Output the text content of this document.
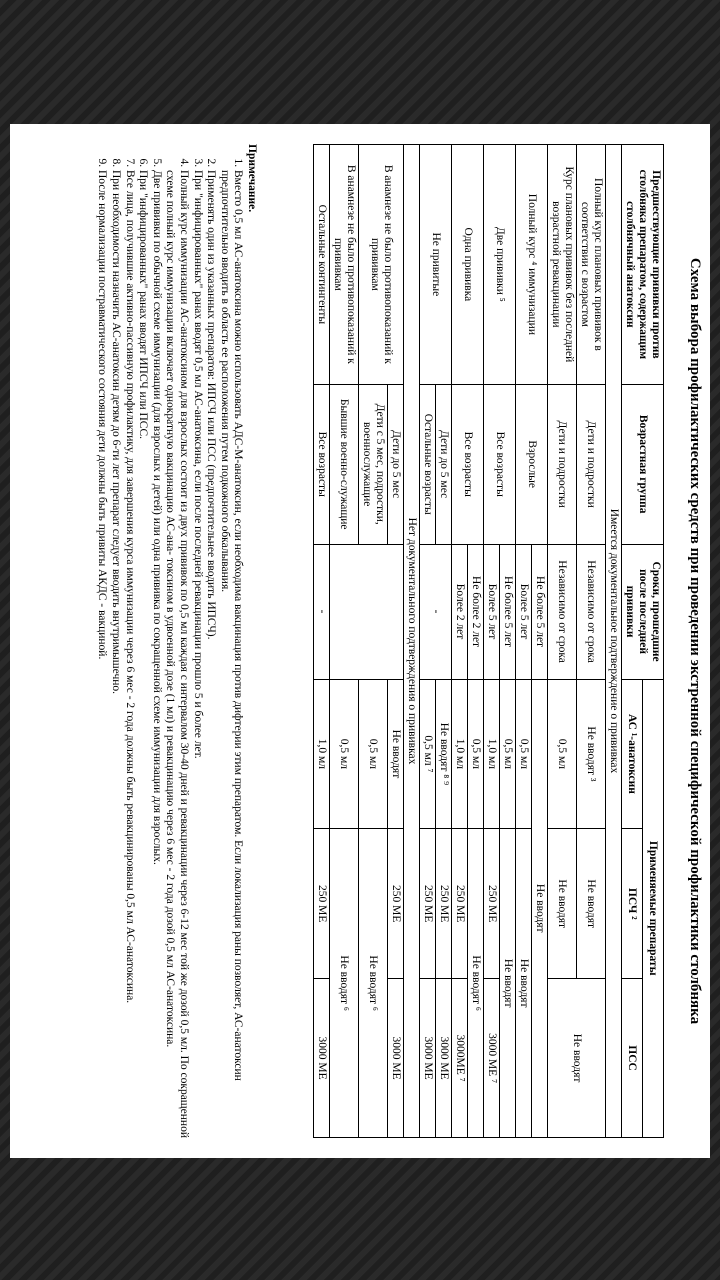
Схема выбора профилактических средств при проведении экстренной специфической профилактики столбняка
Предшествующие прививки против столбняка препаратом, содержащим столбнячный анатоксин	Возрастная группа	Сроки, прошедшие после последней прививки	Применяемые препараты		
			АС ¹-анатоксин	ПСЧ ²	ПСС
Имеется документальное подтверждение о прививках					
Полный курс плановых прививок в соответствии с возрастом	Дети и подростки	Независимо от срока	Не вводят ³	Не вводят	Не вводят
Курс плановых прививок без последней возрастной ревакцинации	Дети и подростки	Независимо от срока	0,5 мл	Не вводят	
Полный курс ⁴ иммунизации	Взрослые	Не более 5 лет	Не вводят		
		Более 5 лет	0,5 мл	Не вводят	
Две прививки ⁵	Все возрасты	Не более 5 лет	0,5 мл	Не вводят	
		Более 5 лет	1,0 мл	250 МЕ	3000 МЕ ⁷
Одна прививка	Все возрасты	Не более 2 лет	0,5 мл	Не вводят ⁶	
		Более 2 лет	1,0 мл	250 МЕ	3000МЕ ⁷
Не привитые	Дети до 5 мес	-	Не вводят ⁸ ⁹	250 МЕ	3000 МЕ
	Остальные возрасты		0,5 мл ⁷	250 МЕ	3000 МЕ
Нет документального подтверждения о прививках					
В анамнезе не было противопоказаний к прививкам	Дети до 5 мес		Не вводят	250 МЕ	3000 МЕ
	Дети с 5 мес, подростки, военнослужащие		0,5 мл	Не вводят ⁶	
В анамнезе не было противопоказаний к прививкам	Бывшие военно-служащие		0,5 мл	Не вводят ⁶	
Остальные контингенты	Все возрасты	-	1,0 мл	250 МЕ	3000 МЕ
Примечание.
1. Вместо 0,5 мл АС-анатоксина можно использовать АДС-М-анатоксин, если необходима вакцинация против дифтерии этим препаратом. Если локализация раны позволяет, АС-анатоксин предпочтительно вводить в область ее расположения путем подкожного обкалывания.
2. Применять один из указанных препаратов: ИПСЧ или ПСС (предпочтительнее вводить ИПСЧ).
3. При "инфицированных" ранах вводят 0,5 мл АС-анатоксина, если после последней ревакцинации прошло 5 и более лет.
4. Полный курс иммунизации АС-анатоксином для взрослых состоит из двух прививок по 0,5 мл каждая с интервалом 30-40 дней и ревакцинации через 6-12 мес той же дозой 0,5 мл. По сокращенной схеме полный курс иммунизации включает однократную вакцинацию АС-ана- токсином в удвоенной дозе (1 мл) и ревакцинацию через 6 мес - 2 года дозой 0,5 мл АС-анатоксина.
5. Две прививки по обычной схеме иммунизации (для взрослых и детей) или одна прививка по сокращенной схеме иммунизации для взрослых.
6. При "инфицированных" ранах вводят ИПСЧ или ПСС.
7. Все лица, получившие активно-пассивную профилактику, для завершения курса иммунизации через 6 мес - 2 года должны быть ревакцинированы 0,5 мл АС-анатоксина.
8. При необходимости назначить АС-анатоксин детям до 6-ти лет препарат следует вводить внутримышечно.
9. После нормализации постравматического состояния дети должны быть привиты АКДС - вакциной.
